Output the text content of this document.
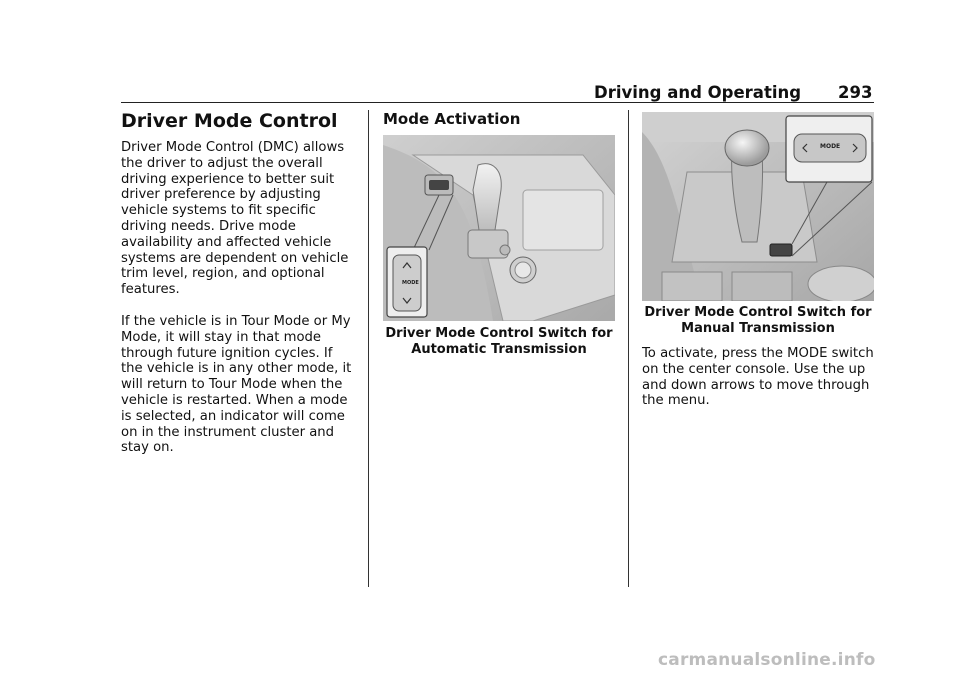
Driving and Operating 293
Driver Mode Control

Driver Mode Control (DMC) allows the driver to adjust the overall driving experience to better suit driver preference by adjusting vehicle systems to fit specific driving needs. Drive mode availability and affected vehicle systems are dependent on vehicle trim level, region, and optional features.

If the vehicle is in Tour Mode or My Mode, it will stay in that mode through future ignition cycles. If the vehicle is in any other mode, it will return to Tour Mode when the vehicle is restarted. When a mode is selected, an indicator will come on in the instrument cluster and stay on.

Mode Activation
MODE

Driver Mode Control Switch for Automatic Transmission

MODE

Driver Mode Control Switch for Manual Transmission

To activate, press the MODE switch on the center console. Use the up and down arrows to move through the menu.

carmanualsonline.info
